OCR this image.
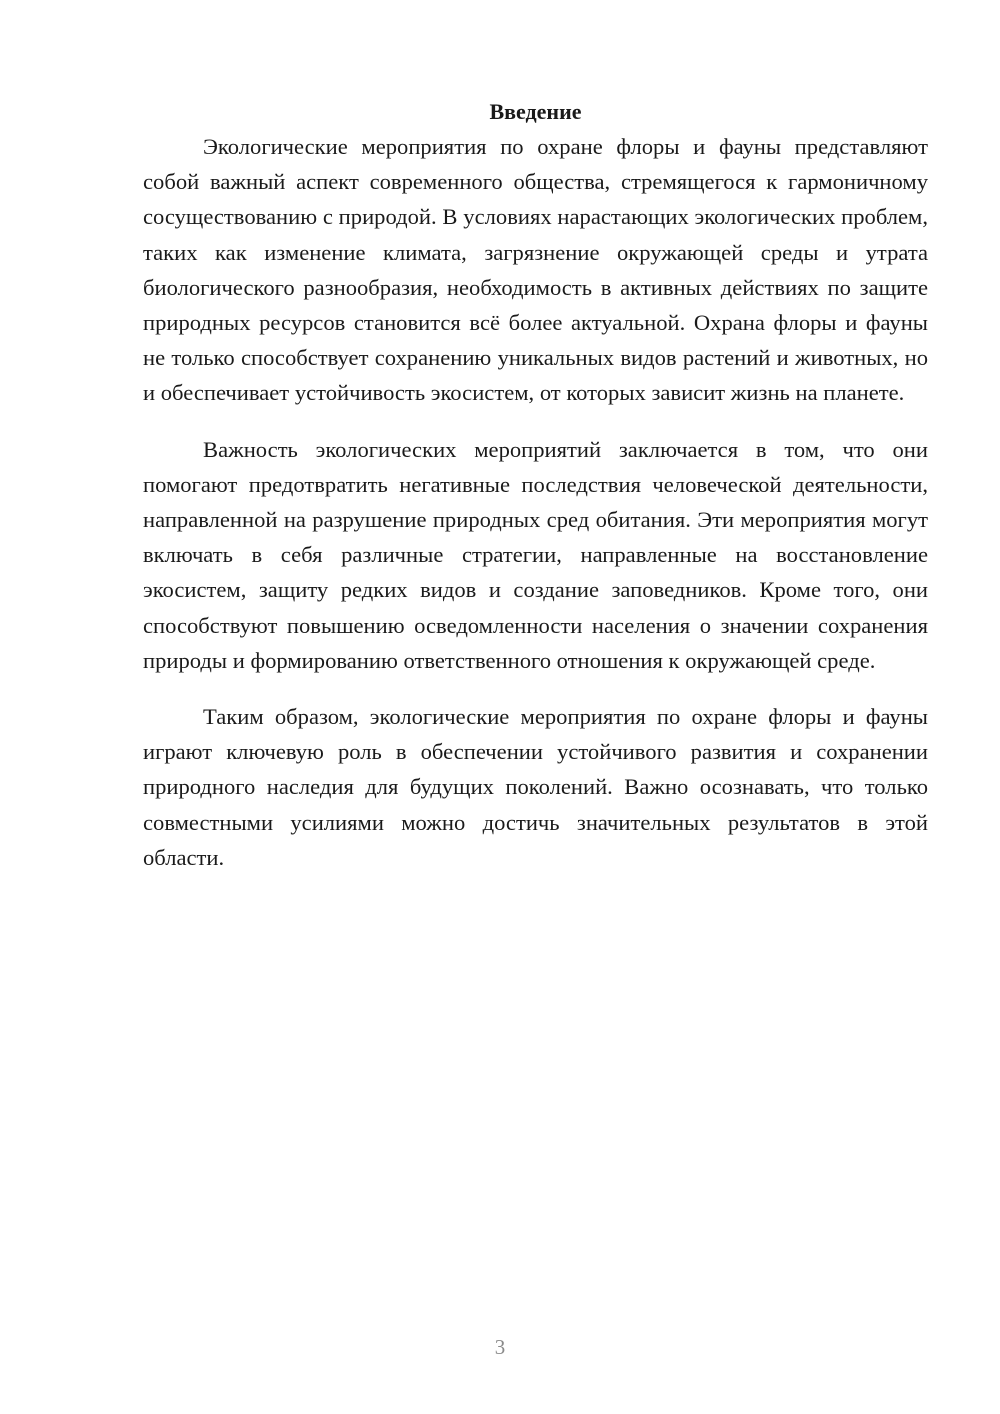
Введение

Экологические мероприятия по охране флоры и фауны представляют собой важный аспект современного общества, стремящегося к гармоничному сосуществованию с природой. В условиях нарастающих экологических проблем, таких как изменение климата, загрязнение окружающей среды и утрата биологического разнообразия, необходимость в активных действиях по защите природных ресурсов становится всё более актуальной. Охрана флоры и фауны не только способствует сохранению уникальных видов растений и животных, но и обеспечивает устойчивость экосистем, от которых зависит жизнь на планете.

Важность экологических мероприятий заключается в том, что они помогают предотвратить негативные последствия человеческой деятельности, направленной на разрушение природных сред обитания. Эти мероприятия могут включать в себя различные стратегии, направленные на восстановление экосистем, защиту редких видов и создание заповедников. Кроме того, они способствуют повышению осведомленности населения о значении сохранения природы и формированию ответственного отношения к окружающей среде.

Таким образом, экологические мероприятия по охране флоры и фауны играют ключевую роль в обеспечении устойчивого развития и сохранении природного наследия для будущих поколений. Важно осознавать, что только совместными усилиями можно достичь значительных результатов в этой области.

3
